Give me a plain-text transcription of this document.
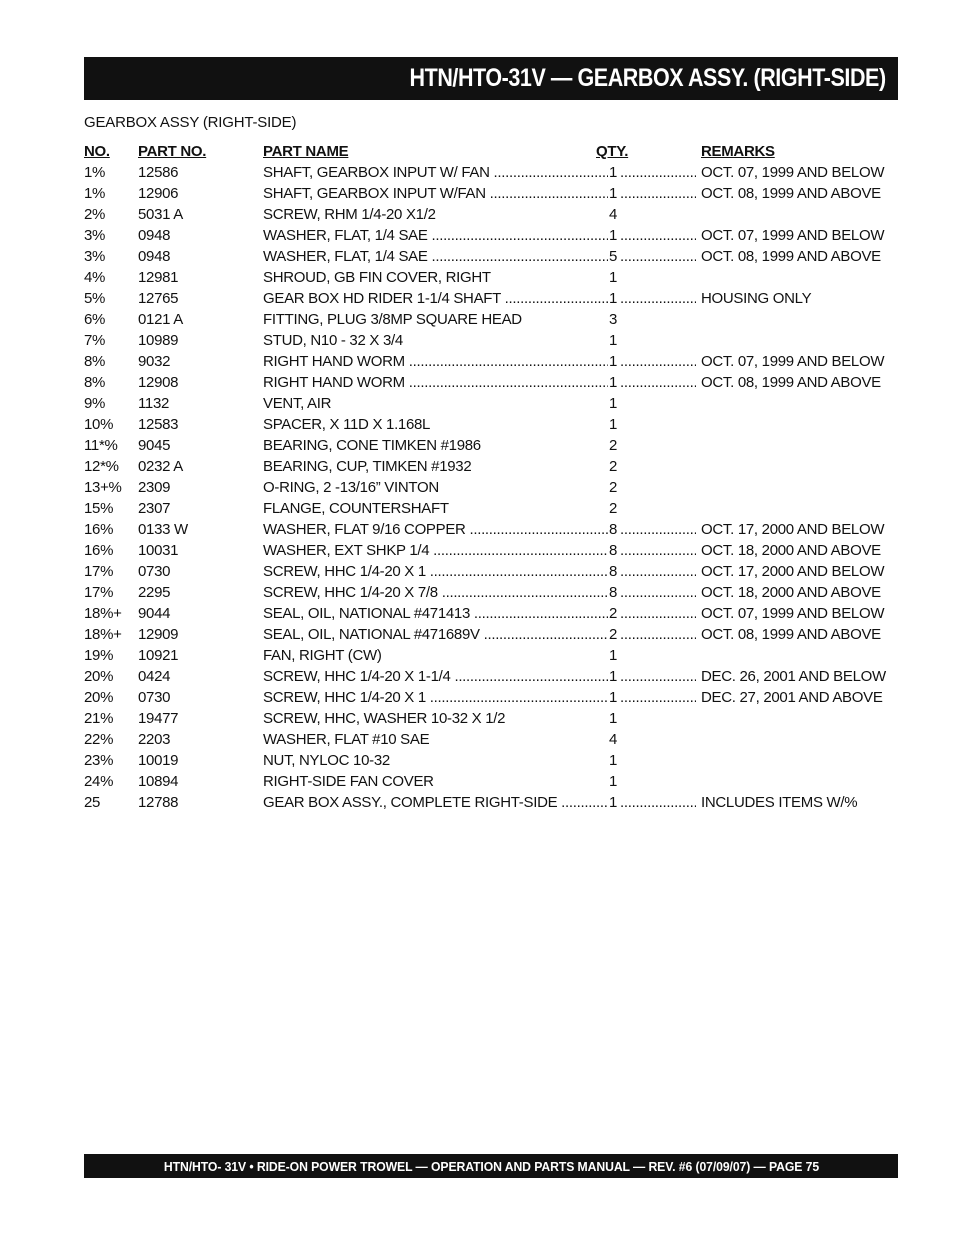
HTN/HTO-31V — GEARBOX ASSY. (RIGHT-SIDE)
GEARBOX ASSY (RIGHT-SIDE)
NO. PART NO.	PART NAME	QTY.	REMARKS
1% 12586	SHAFT, GEARBOX INPUT W/ FAN .....	1 .....	OCT. 07, 1999 AND BELOW
1% 12906	SHAFT, GEARBOX INPUT W/FAN .....	1 .....	OCT. 08, 1999 AND ABOVE
2% 5031 A	SCREW, RHM 1/4-20 X1/2	4
3% 0948	WASHER, FLAT, 1/4 SAE .....	1 .....	OCT. 07, 1999 AND BELOW
3% 0948	WASHER, FLAT, 1/4 SAE .....	5 .....	OCT. 08, 1999 AND ABOVE
4% 12981	SHROUD, GB FIN COVER, RIGHT	1
5% 12765	GEAR BOX HD RIDER 1-1/4 SHAFT .....	1 .....	HOUSING ONLY
6% 0121 A	FITTING, PLUG 3/8MP SQUARE HEAD	3
7% 10989	STUD, N10 - 32 X 3/4	1
8% 9032	RIGHT HAND WORM .....	1 .....	OCT. 07, 1999 AND BELOW
8% 12908	RIGHT HAND WORM .....	1 .....	OCT. 08, 1999 AND ABOVE
9% 1132	VENT, AIR	1
10% 12583	SPACER, X 11D X 1.168L	1
11*% 9045	BEARING, CONE TIMKEN #1986	2
12*% 0232 A	BEARING, CUP, TIMKEN #1932	2
13+% 2309	O-RING, 2 -13/16” VINTON	2
15% 2307	FLANGE, COUNTERSHAFT	2
16% 0133 W	WASHER, FLAT 9/16 COPPER .....	8 .....	OCT. 17, 2000 AND BELOW
16% 10031	WASHER, EXT SHKP 1/4 .....	8 .....	OCT. 18, 2000 AND ABOVE
17% 0730	SCREW, HHC 1/4-20 X 1 .....	8 .....	OCT. 17, 2000 AND BELOW
17% 2295	SCREW, HHC 1/4-20 X 7/8 .....	8 .....	OCT. 18, 2000 AND ABOVE
18%+ 9044	SEAL, OIL, NATIONAL #471413 .....	2 .....	OCT. 07, 1999 AND BELOW
18%+ 12909	SEAL, OIL, NATIONAL #471689V .....	2 .....	OCT. 08, 1999 AND ABOVE
19% 10921	FAN, RIGHT (CW)	1
20% 0424	SCREW, HHC 1/4-20 X 1-1/4 .....	1 .....	DEC. 26, 2001 AND BELOW
20% 0730	SCREW, HHC 1/4-20 X 1 .....	1 .....	DEC. 27, 2001 AND ABOVE
21% 19477	SCREW, HHC, WASHER 10-32 X 1/2	1
22% 2203	WASHER, FLAT #10 SAE	4
23% 10019	NUT, NYLOC 10-32	1
24% 10894	RIGHT-SIDE FAN COVER	1
25	12788	GEAR BOX ASSY., COMPLETE RIGHT-SIDE .....	1 .....	INCLUDES ITEMS W/%
HTN/HTO- 31V • RIDE-ON POWER TROWEL — OPERATION AND PARTS MANUAL — REV. #6 (07/09/07) — PAGE 75
